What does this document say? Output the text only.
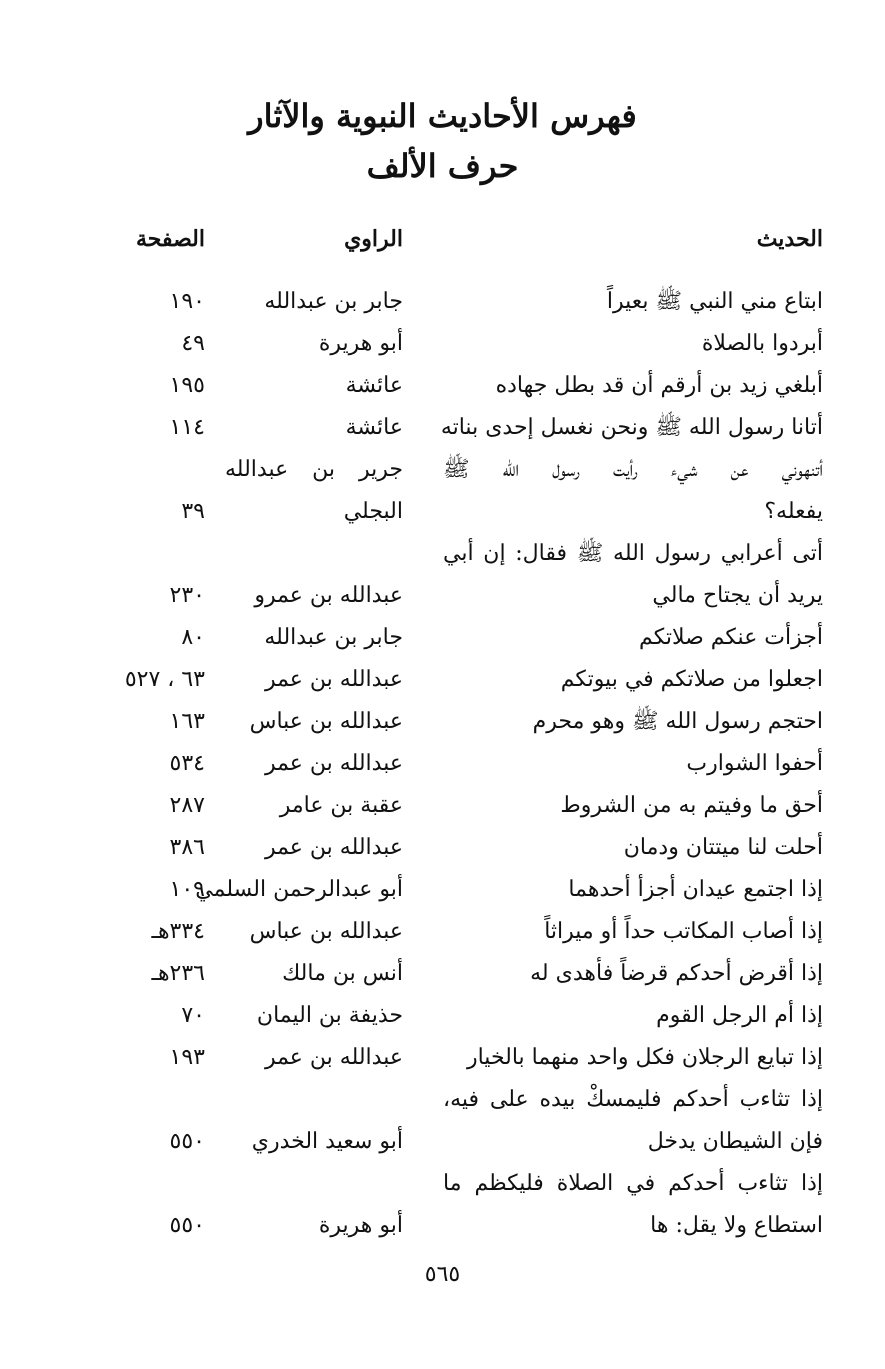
فهرس الأحاديث النبوية والآثار
حرف الألف
الحديث
الراوي
الصفحة
ابتاع مني النبي ﷺ بعيراً
جابر بن عبدالله
١٩٠
أبردوا بالصلاة
أبو هريرة
٤٩
أبلغي زيد بن أرقم أن قد بطل جهاده
عائشة
١٩٥
أتانا رسول الله ﷺ ونحن نغسل إحدى بناته
عائشة
١١٤
أتنهوني عن شيء رأيت رسول الله ﷺ
جرير بن عبدالله
يفعله؟
البجلي
٣٩
أتى أعرابي رسول الله ﷺ فقال: إن أبي
يريد أن يجتاح مالي
عبدالله بن عمرو
٢٣٠
أجزأت عنكم صلاتكم
جابر بن عبدالله
٨٠
اجعلوا من صلاتكم في بيوتكم
عبدالله بن عمر
٦٣ ، ٥٢٧
احتجم رسول الله ﷺ وهو محرم
عبدالله بن عباس
١٦٣
أحفوا الشوارب
عبدالله بن عمر
٥٣٤
أحق ما وفيتم به من الشروط
عقبة بن عامر
٢٨٧
أحلت لنا ميتتان ودمان
عبدالله بن عمر
٣٨٦
إذا اجتمع عيدان أجزأ أحدهما
أبو عبدالرحمن السلمي
١٠٩
إذا أصاب المكاتب حداً أو ميراثاً
عبدالله بن عباس
٣٣٤هـ
إذا أقرض أحدكم قرضاً فأهدى له
أنس بن مالك
٢٣٦هـ
إذا أم الرجل القوم
حذيفة بن اليمان
٧٠
إذا تبايع الرجلان فكل واحد منهما بالخيار
عبدالله بن عمر
١٩٣
إذا تثاءب أحدكم فليمسكْ بيده على فيه،
فإن الشيطان يدخل
أبو سعيد الخدري
٥٥٠
إذا تثاءب أحدكم في الصلاة فليكظم ما
استطاع ولا يقل: ها
أبو هريرة
٥٥٠
٥٦٥
